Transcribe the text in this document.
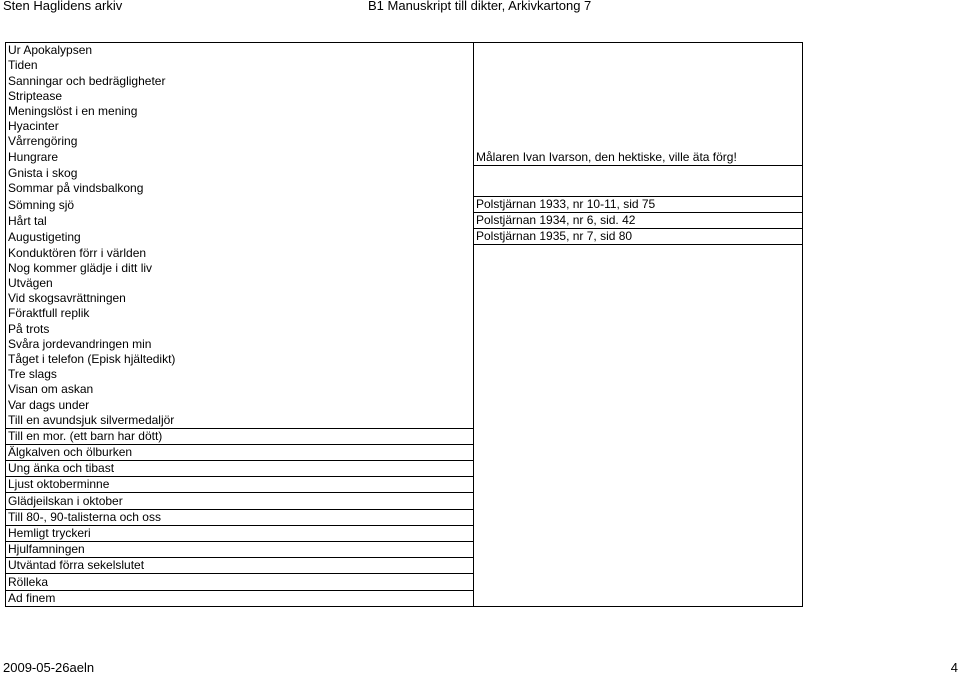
Sten Haglidens arkiv	B1 Manuskript till dikter, Arkivkartong 7
Ur Apokalypsen	
Tiden	
Sanningar och bedrägligheter	
Striptease	
Meningslöst i en mening	
Hyacinter	
Vårrengöring	
Hungrare	Målaren Ivan Ivarson, den hektiske, ville äta förg!
Gnista i skog	
Sommar på vindsbalkong	
Sömning sjö	Polstjärnan 1933, nr 10-11, sid 75
Hårt tal	Polstjärnan 1934, nr 6, sid. 42
Augustigeting	Polstjärnan 1935, nr 7, sid 80
Konduktören förr i världen	
Nog kommer glädje i ditt liv	
Utvägen	
Vid skogsavrättningen	
Föraktfull replik	
På trots	
Svåra jordevandringen min	
Tåget i telefon (Episk hjältedikt)	
Tre slags	
Visan om askan	
Var dags under	
Till en avundsjuk silvermedaljör	
Till en mor. (ett barn har dött)	
Älgkalven och ölburken	
Ung änka och tibast	
Ljust oktoberminne	
Glädjeilskan i oktober	
Till 80-, 90-talisterna och oss	
Hemligt tryckeri	
Hjulfamningen	
Utväntad förra sekelslutet	
Rölleka	
Ad finem	
2009-05-26aeln	4
